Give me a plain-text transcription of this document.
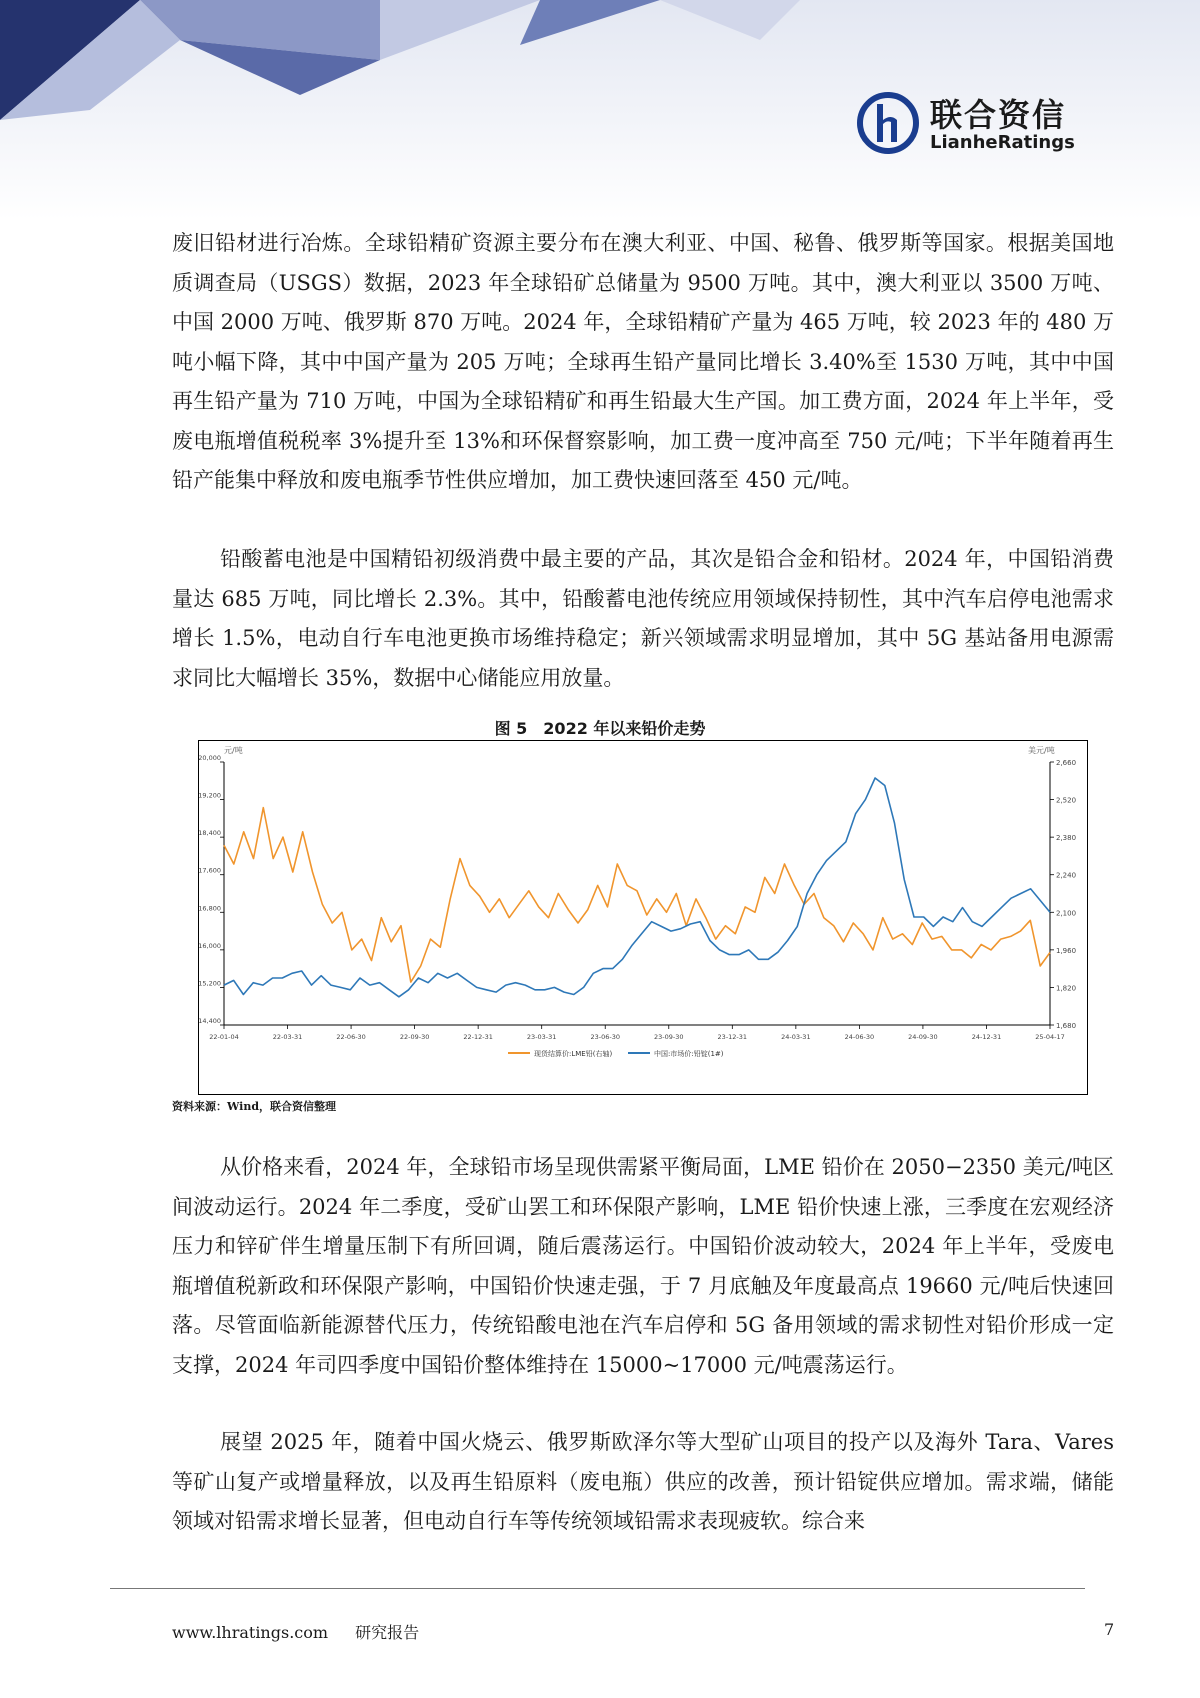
联合资信
LianheRatings

废旧铅材进行冶炼。全球铅精矿资源主要分布在澳大利亚、中国、秘鲁、俄罗斯等国家。根据美国地质调查局（USGS）数据，2023 年全球铅矿总储量为 9500 万吨。其中，澳大利亚以 3500 万吨、中国 2000 万吨、俄罗斯 870 万吨。2024 年，全球铅精矿产量为 465 万吨，较 2023 年的 480 万吨小幅下降，其中中国产量为 205 万吨；全球再生铅产量同比增长 3.40%至 1530 万吨，其中中国再生铅产量为 710 万吨，中国为全球铅精矿和再生铅最大生产国。加工费方面，2024 年上半年，受废电瓶增值税税率 3%提升至 13%和环保督察影响，加工费一度冲高至 750 元/吨；下半年随着再生铅产能集中释放和废电瓶季节性供应增加，加工费快速回落至 450 元/吨。

铅酸蓄电池是中国精铅初级消费中最主要的产品，其次是铅合金和铅材。2024 年，中国铅消费量达 685 万吨，同比增长 2.3%。其中，铅酸蓄电池传统应用领域保持韧性，其中汽车启停电池需求增长 1.5%，电动自行车电池更换市场维持稳定；新兴领域需求明显增加，其中 5G 基站备用电源需求同比大幅增长 35%，数据中心储能应用放量。

图 5　2022 年以来铅价走势
元/吨	美元/吨
14,400
15,200
16,000
16,800
17,600
18,400
19,200
20,000
1,680
1,820
1,960
2,100
2,240
2,380
2,520
2,660
22-01-04	22-03-31	22-06-30	22-09-30	22-12-31	23-03-31	23-06-30	23-09-30	23-12-31	24-03-31	24-06-30	24-09-30	24-12-31	25-04-17
现货结算价:LME铅(右轴)	中国:市场价:铅锭(1#)
资料来源：Wind，联合资信整理

从价格来看，2024 年，全球铅市场呈现供需紧平衡局面，LME 铅价在 2050−2350 美元/吨区间波动运行。2024 年二季度，受矿山罢工和环保限产影响，LME 铅价快速上涨，三季度在宏观经济压力和锌矿伴生增量压制下有所回调，随后震荡运行。中国铅价波动较大，2024 年上半年，受废电瓶增值税新政和环保限产影响，中国铅价快速走强，于 7 月底触及年度最高点 19660 元/吨后快速回落。尽管面临新能源替代压力，传统铅酸电池在汽车启停和 5G 备用领域的需求韧性对铅价形成一定支撑，2024 年司四季度中国铅价整体维持在 15000~17000 元/吨震荡运行。

展望 2025 年，随着中国火烧云、俄罗斯欧泽尔等大型矿山项目的投产以及海外 Tara、Vares 等矿山复产或增量释放，以及再生铅原料（废电瓶）供应的改善，预计铅锭供应增加。需求端，储能领域对铅需求增长显著，但电动自行车等传统领域铅需求表现疲软。综合来

www.lhratings.com 研究报告	7
